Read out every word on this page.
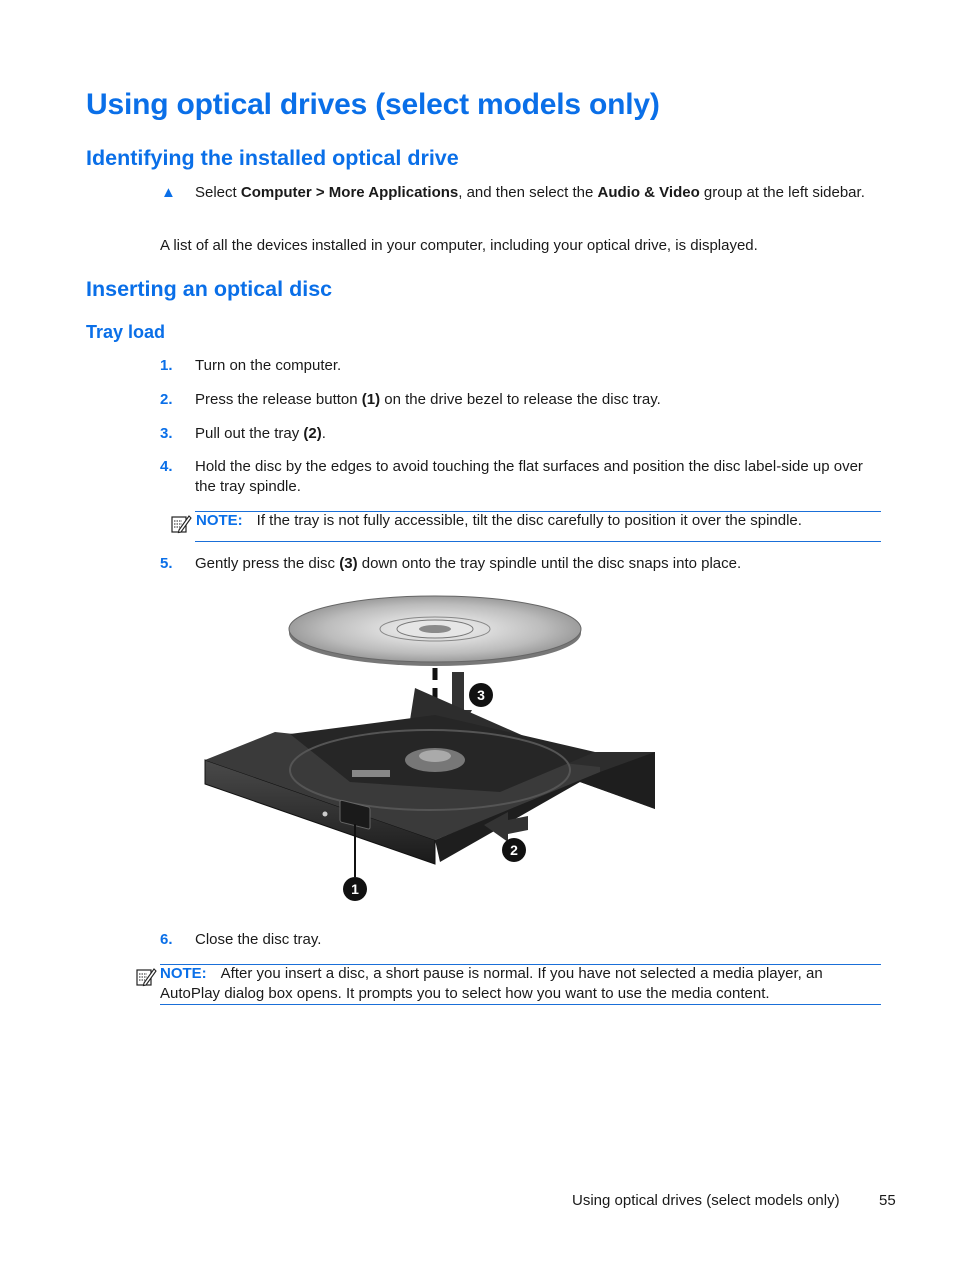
Using optical drives (select models only)
Identifying the installed optical drive
▲ Select Computer > More Applications, and then select the Audio & Video group at the left sidebar.
A list of all the devices installed in your computer, including your optical drive, is displayed.
Inserting an optical disc
Tray load
1. Turn on the computer.
2. Press the release button (1) on the drive bezel to release the disc tray.
3. Pull out the tray (2).
4. Hold the disc by the edges to avoid touching the flat surfaces and position the disc label-side up over the tray spindle.
NOTE: If the tray is not fully accessible, tilt the disc carefully to position it over the spindle.
5. Gently press the disc (3) down onto the tray spindle until the disc snaps into place.
1
2
3
6. Close the disc tray.
NOTE: After you insert a disc, a short pause is normal. If you have not selected a media player, an AutoPlay dialog box opens. It prompts you to select how you want to use the media content.
Using optical drives (select models only)	55
